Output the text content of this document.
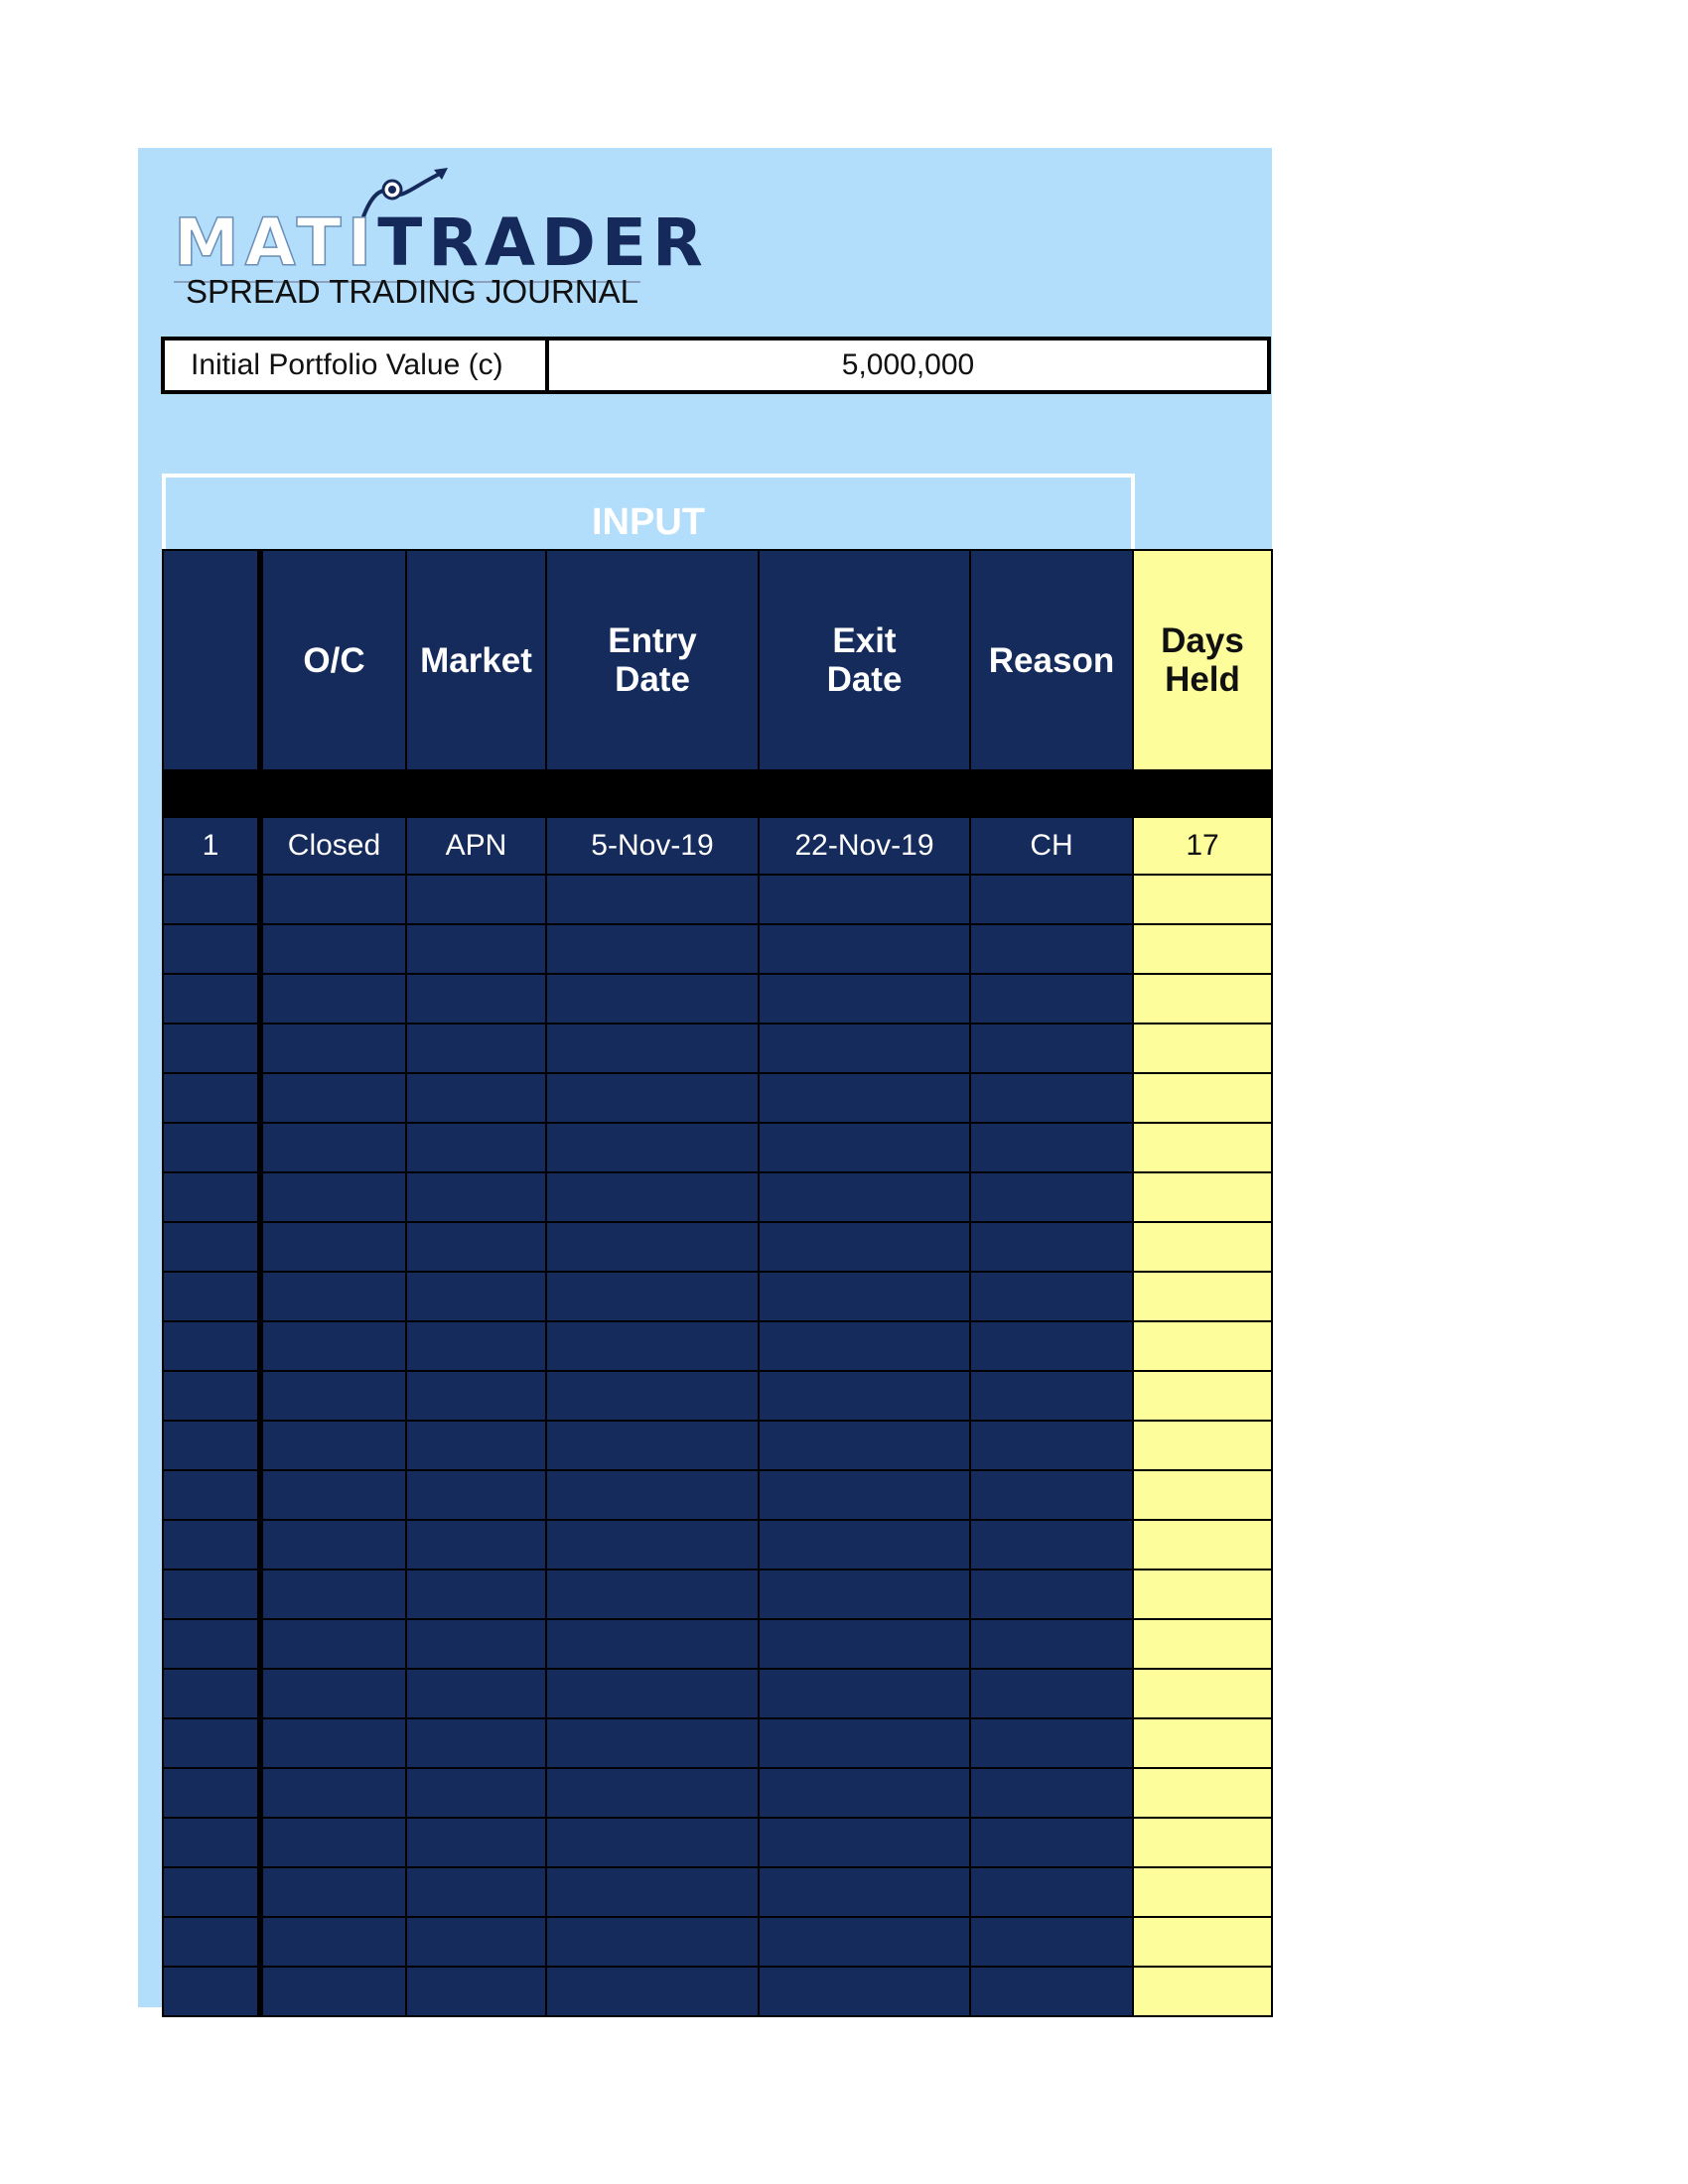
MATITRADER
SPREAD TRADING JOURNAL
Initial Portfolio Value (c)	5,000,000
INPUT
	O/C	Market	Entry Date	Exit Date	Reason	Days Held

1	Closed	APN	5-Nov-19	22-Nov-19	CH	17
